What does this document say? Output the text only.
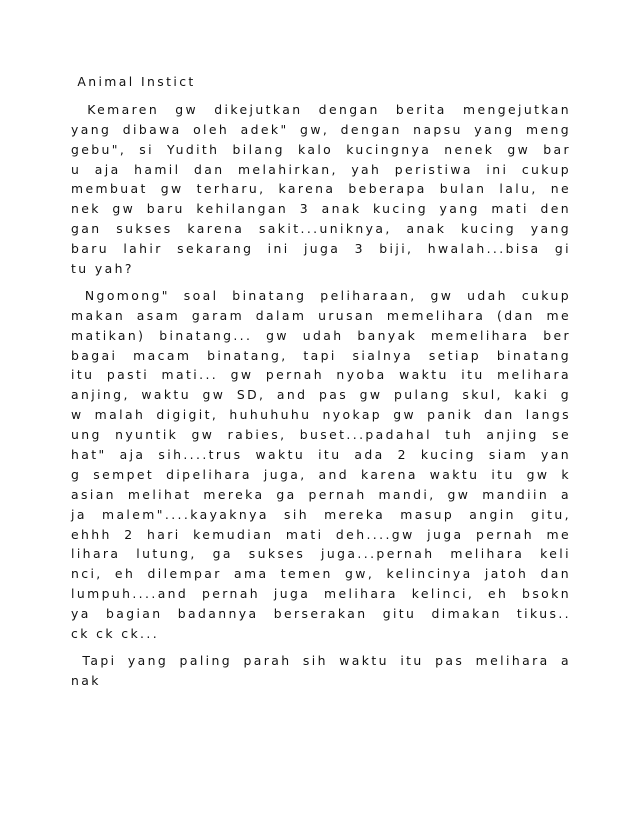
Animal Instict
Kemaren gw dikejutkan dengan berita mengejutkan
yang dibawa oleh adek" gw, dengan napsu yang meng
gebu", si Yudith bilang kalo kucingnya nenek gw bar
u aja hamil dan melahirkan, yah peristiwa ini cukup
membuat gw terharu, karena beberapa bulan lalu, ne
nek gw baru kehilangan 3 anak kucing yang mati den
gan sukses karena sakit...uniknya, anak kucing yang
baru lahir sekarang ini juga 3 biji, hwalah...bisa gi
tu yah?
Ngomong" soal binatang peliharaan, gw udah cukup
makan asam garam dalam urusan memelihara (dan me
matikan) binatang... gw udah banyak memelihara ber
bagai macam binatang, tapi sialnya setiap binatang
itu pasti mati... gw pernah nyoba waktu itu melihara
anjing, waktu gw SD, and pas gw pulang skul, kaki g
w malah digigit, huhuhuhu nyokap gw panik dan langs
ung nyuntik gw rabies, buset...padahal tuh anjing se
hat" aja sih....trus waktu itu ada 2 kucing siam yan
g sempet dipelihara juga, and karena waktu itu gw k
asian melihat mereka ga pernah mandi, gw mandiin a
ja malem"....kayaknya sih mereka masup angin gitu,
ehhh 2 hari kemudian mati deh....gw juga pernah me
lihara lutung, ga sukses juga...pernah melihara keli
nci, eh dilempar ama temen gw, kelincinya jatoh dan
lumpuh....and pernah juga melihara kelinci, eh bsokn
ya bagian badannya berserakan gitu dimakan tikus..
ck ck ck...
Tapi yang paling parah sih waktu itu pas melihara a
nak
